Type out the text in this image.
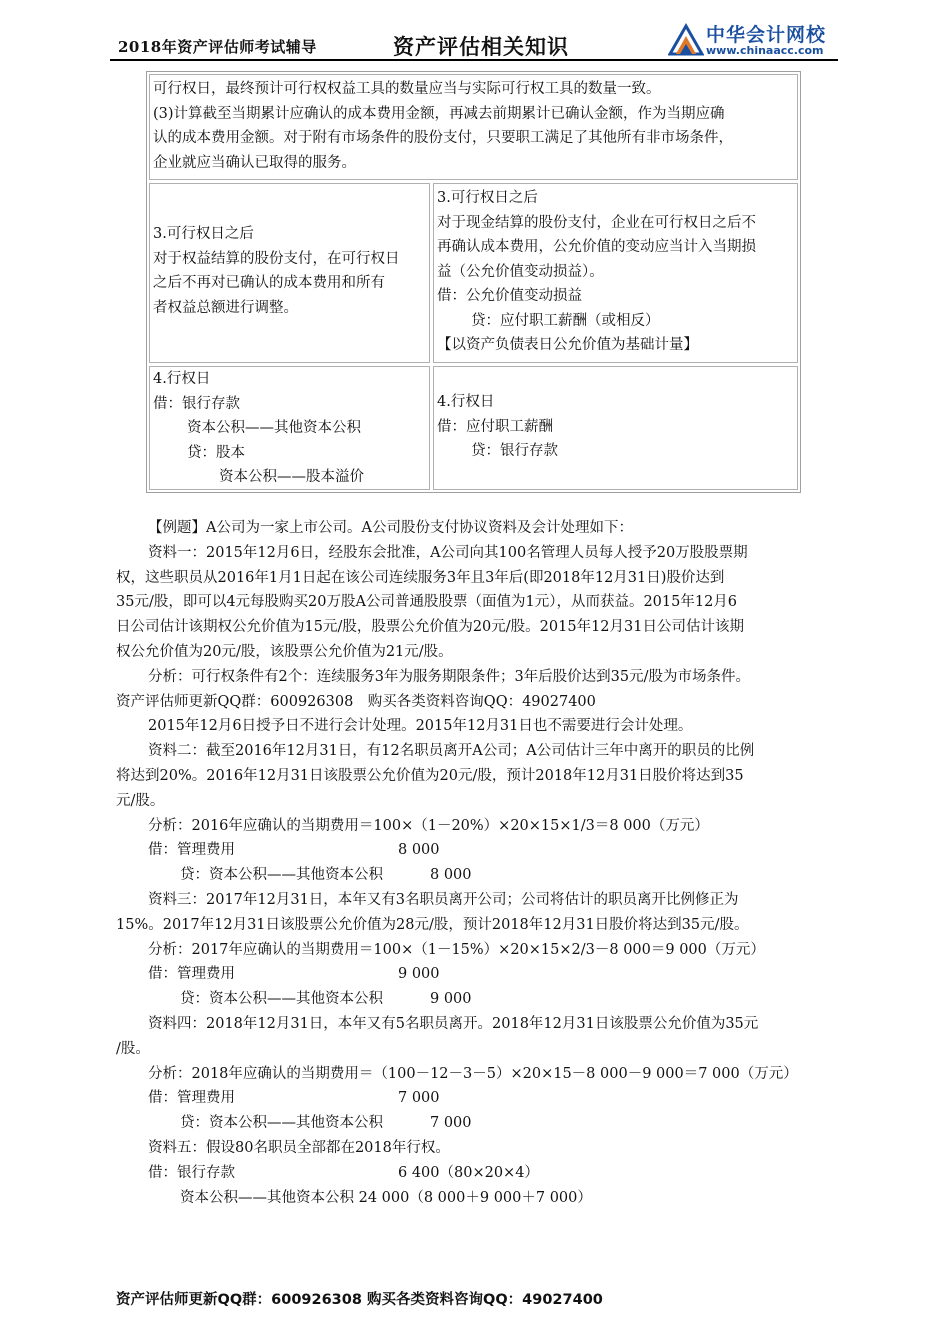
2018年资产评估师考试辅导	资产评估相关知识	中华会计网校
www.chinaacc.com
可行权日，最终预计可行权权益工具的数量应当与实际可行权工具的数量一致。
(3)计算截至当期累计应确认的成本费用金额，再减去前期累计已确认金额，作为当期应确
认的成本费用金额。对于附有市场条件的股份支付，只要职工满足了其他所有非市场条件，
企业就应当确认已取得的服务。
3.可行权日之后
对于权益结算的股份支付，在可行权日
之后不再对已确认的成本费用和所有
者权益总额进行调整。
3.可行权日之后
对于现金结算的股份支付，企业在可行权日之后不
再确认成本费用，公允价值的变动应当计入当期损
益（公允价值变动损益）。
借：公允价值变动损益
贷：应付职工薪酬（或相反）
【以资产负债表日公允价值为基础计量】
4.行权日
借：银行存款
资本公积——其他资本公积
贷：股本
资本公积——股本溢价
4.行权日
借：应付职工薪酬
贷：银行存款
【例题】A公司为一家上市公司。A公司股份支付协议资料及会计处理如下：
资料一：2015年12月6日，经股东会批准，A公司向其100名管理人员每人授予20万股股票期
权，这些职员从2016年1月1日起在该公司连续服务3年且3年后(即2018年12月31日)股价达到
35元/股，即可以4元每股购买20万股A公司普通股股票（面值为1元），从而获益。2015年12月6
日公司估计该期权公允价值为15元/股，股票公允价值为20元/股。2015年12月31日公司估计该期
权公允价值为20元/股，该股票公允价值为21元/股。
分析：可行权条件有2个：连续服务3年为服务期限条件；3年后股价达到35元/股为市场条件。
资产评估师更新QQ群：600926308　购买各类资料咨询QQ：49027400
2015年12月6日授予日不进行会计处理。2015年12月31日也不需要进行会计处理。
资料二：截至2016年12月31日，有12名职员离开A公司；A公司估计三年中离开的职员的比例
将达到20%。2016年12月31日该股票公允价值为20元/股，预计2018年12月31日股价将达到35
元/股。
分析：2016年应确认的当期费用＝100×（1－20%）×20×15×1/3＝8 000（万元）
借：管理费用	8 000
贷：资本公积——其他资本公积	8 000
资料三：2017年12月31日，本年又有3名职员离开公司；公司将估计的职员离开比例修正为
15%。2017年12月31日该股票公允价值为28元/股，预计2018年12月31日股价将达到35元/股。
分析：2017年应确认的当期费用＝100×（1－15%）×20×15×2/3－8 000＝9 000（万元）
借：管理费用	9 000
贷：资本公积——其他资本公积	9 000
资料四：2018年12月31日，本年又有5名职员离开。2018年12月31日该股票公允价值为35元
/股。
分析：2018年应确认的当期费用＝（100－12－3－5）×20×15－8 000－9 000＝7 000（万元）
借：管理费用	7 000
贷：资本公积——其他资本公积	7 000
资料五：假设80名职员全部都在2018年行权。
借：银行存款	6 400（80×20×4）
资本公积——其他资本公积 24 000（8 000＋9 000＋7 000）
资产评估师更新QQ群：600926308 购买各类资料咨询QQ：49027400
